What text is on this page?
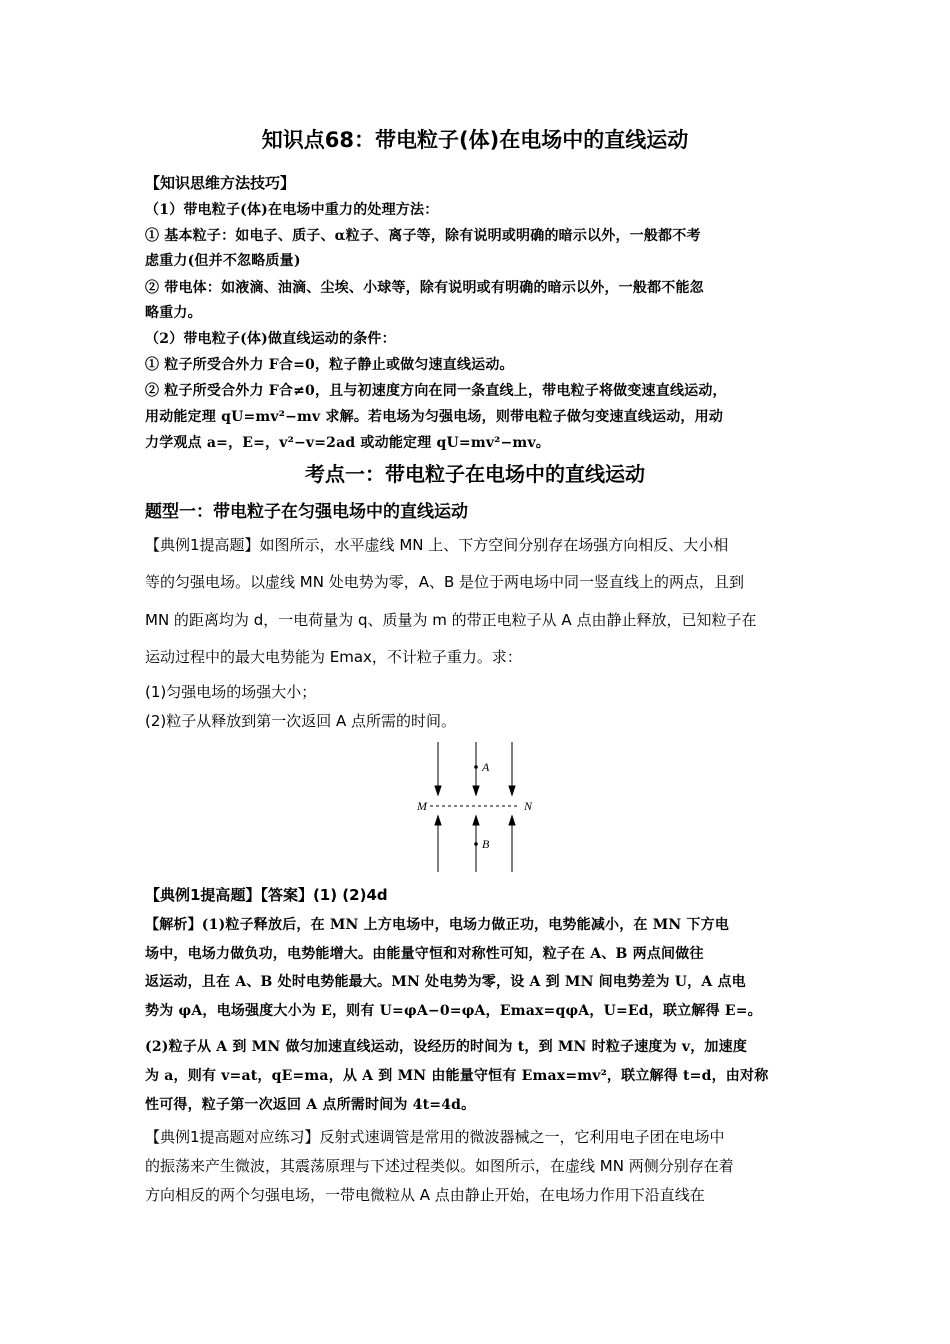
知识点68：带电粒子(体)在电场中的直线运动
【知识思维方法技巧】
（1）带电粒子(体)在电场中重力的处理方法：
① 基本粒子：如电子、质子、α粒子、离子等，除有说明或明确的暗示以外，一般都不考
虑重力(但并不忽略质量)
② 带电体：如液滴、油滴、尘埃、小球等，除有说明或有明确的暗示以外，一般都不能忽
略重力。
（2）带电粒子(体)做直线运动的条件：
① 粒子所受合外力 F合=0，粒子静止或做匀速直线运动。
② 粒子所受合外力 F合≠0，且与初速度方向在同一条直线上，带电粒子将做变速直线运动，
用动能定理 qU=mv²−mv 求解。若电场为匀强电场，则带电粒子做匀变速直线运动，用动
力学观点 a=，E=，v²−v=2ad 或动能定理 qU=mv²−mv。
考点一：带电粒子在电场中的直线运动
题型一：带电粒子在匀强电场中的直线运动
【典例1提高题】如图所示，水平虚线 MN 上、下方空间分别存在场强方向相反、大小相
等的匀强电场。以虚线 MN 处电势为零，A、B 是位于两电场中同一竖直线上的两点，且到
MN 的距离均为 d，一电荷量为 q、质量为 m 的带正电粒子从 A 点由静止释放，已知粒子在
运动过程中的最大电势能为 Emax，不计粒子重力。求：
(1)匀强电场的场强大小；
(2)粒子从释放到第一次返回 A 点所需的时间。
A
B
M	N
【典例1提高题】【答案】(1) (2)4d
【解析】(1)粒子释放后，在 MN 上方电场中，电场力做正功，电势能减小，在 MN 下方电
场中，电场力做负功，电势能增大。由能量守恒和对称性可知，粒子在 A、B 两点间做往
返运动，且在 A、B 处时电势能最大。MN 处电势为零，设 A 到 MN 间电势差为 U，A 点电
势为 φA，电场强度大小为 E，则有 U=φA−0=φA，Emax=qφA，U=Ed，联立解得 E=。
(2)粒子从 A 到 MN 做匀加速直线运动，设经历的时间为 t，到 MN 时粒子速度为 v，加速度
为 a，则有 v=at，qE=ma，从 A 到 MN 由能量守恒有 Emax=mv²，联立解得 t=d，由对称
性可得，粒子第一次返回 A 点所需时间为 4t=4d。
【典例1提高题对应练习】反射式速调管是常用的微波器械之一，它利用电子团在电场中
的振荡来产生微波，其震荡原理与下述过程类似。如图所示，在虚线 MN 两侧分别存在着
方向相反的两个匀强电场，一带电微粒从 A 点由静止开始，在电场力作用下沿直线在
